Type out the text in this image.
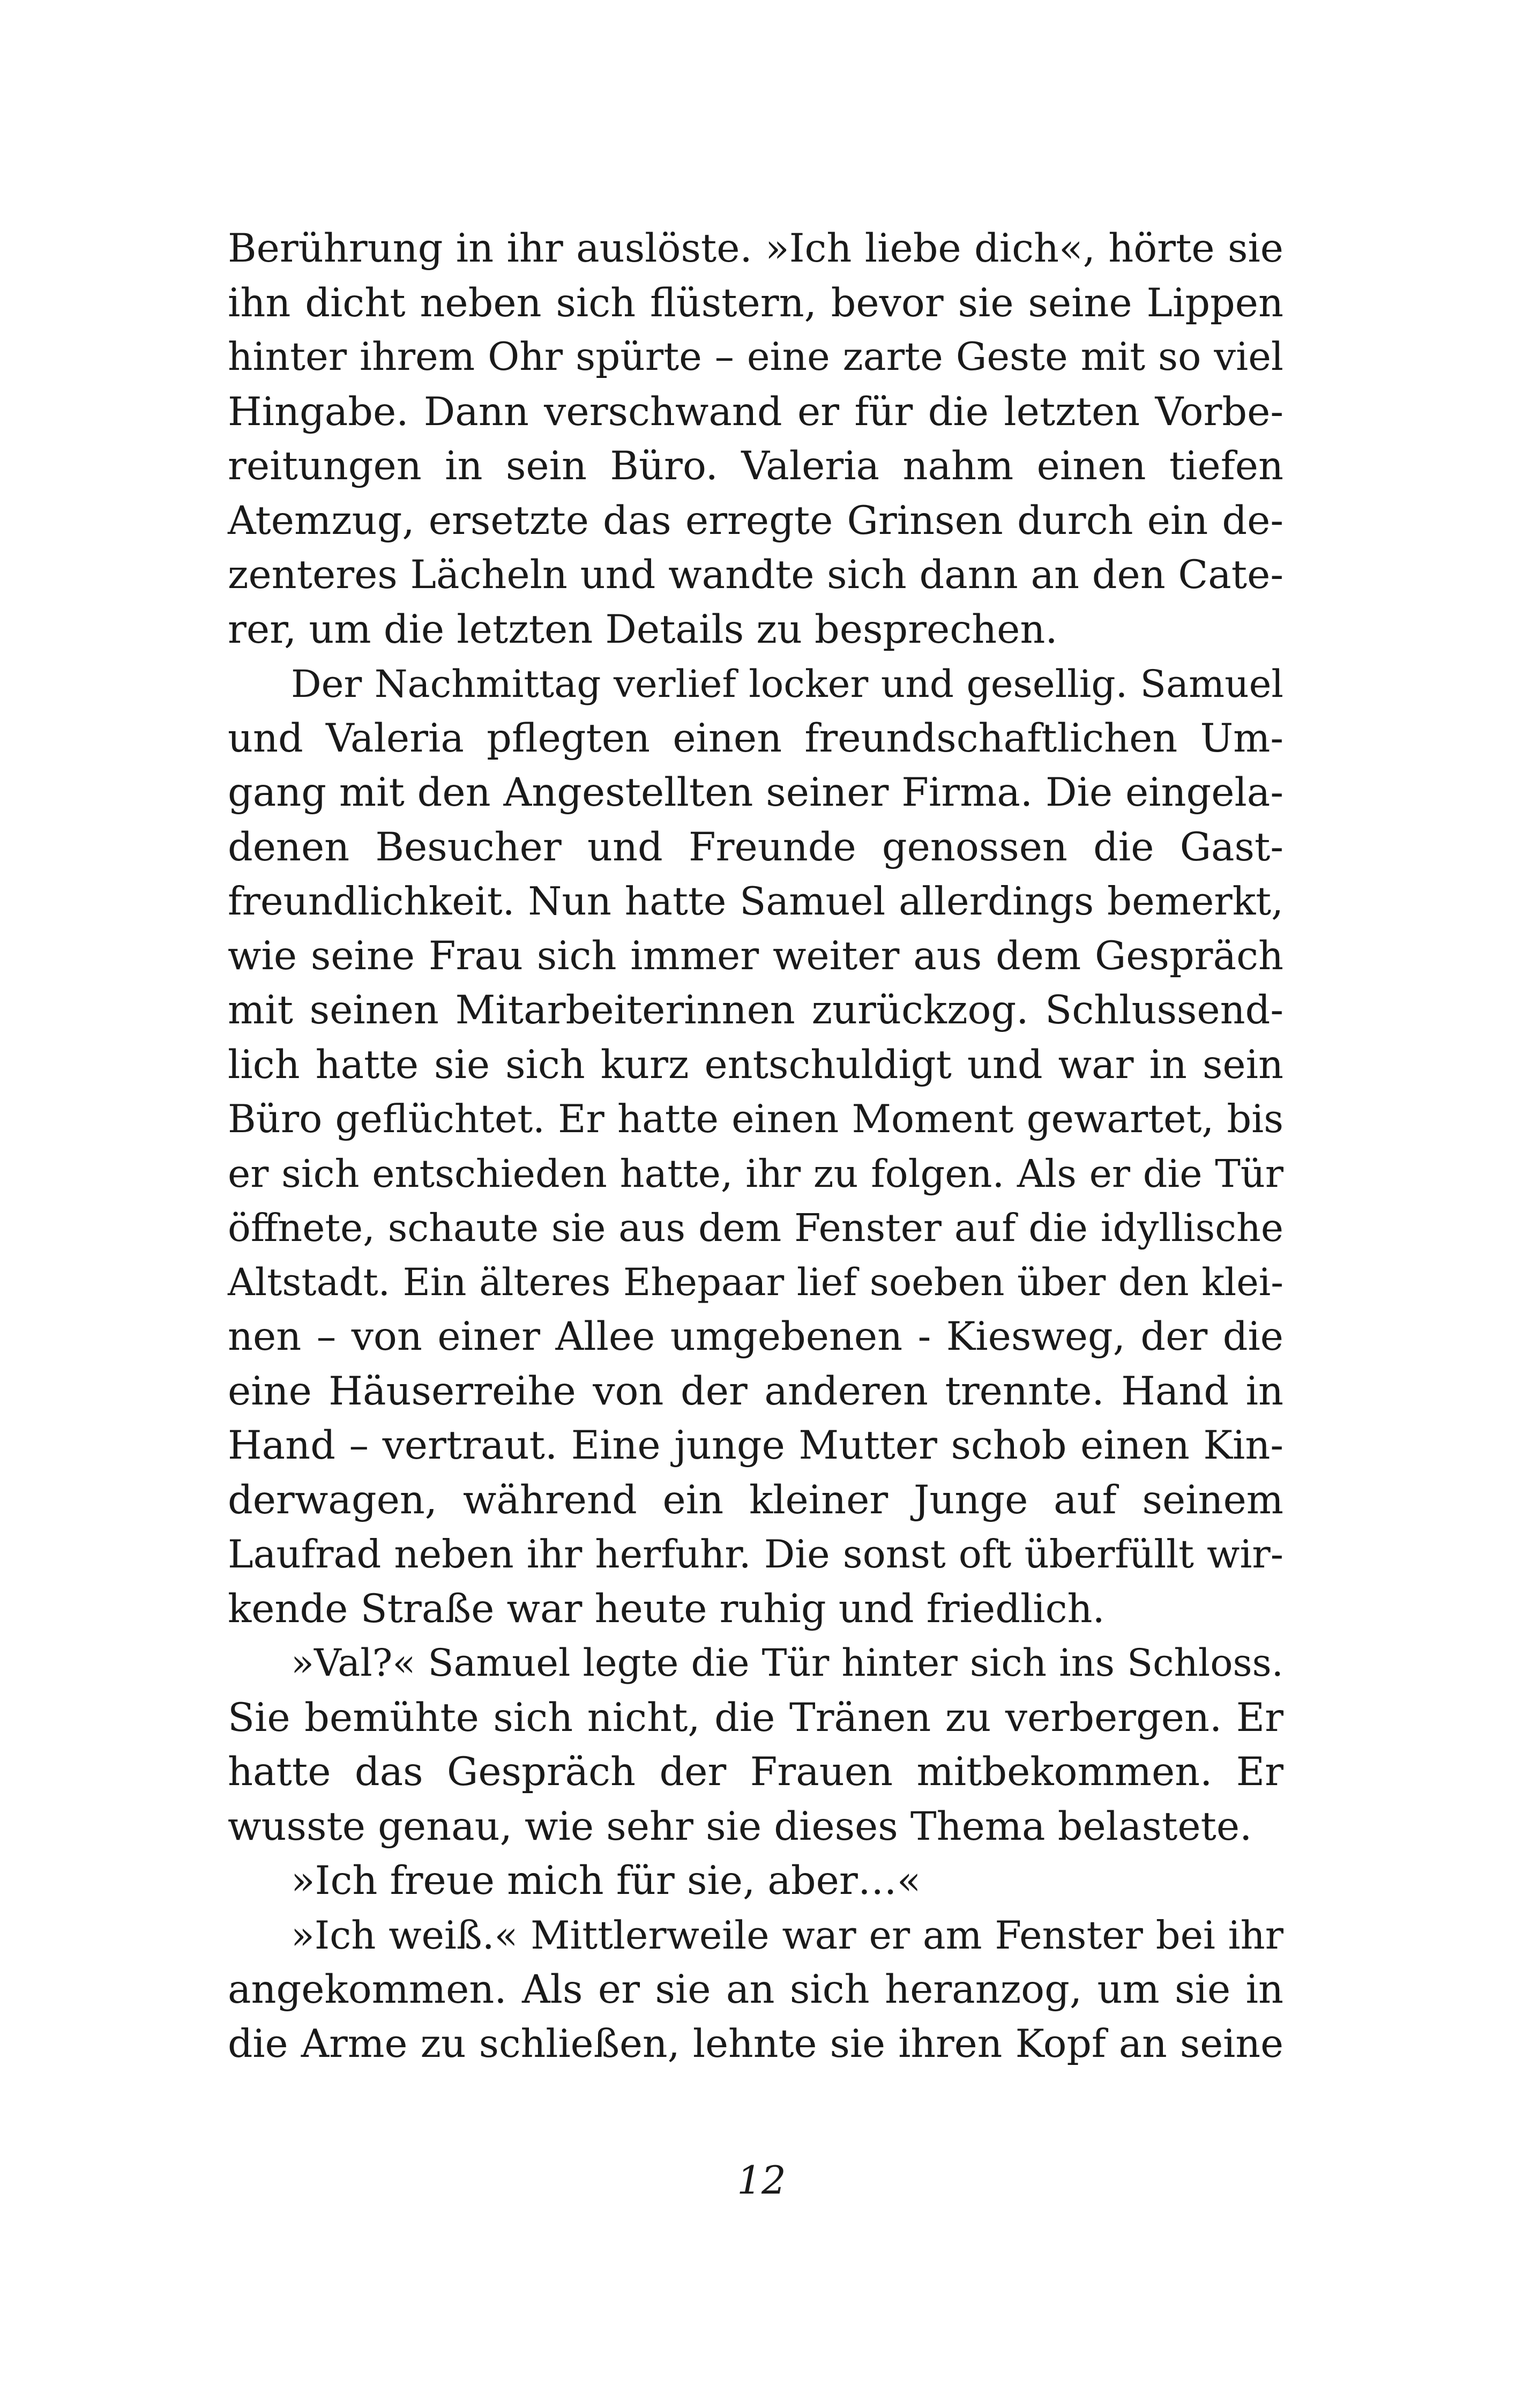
Berührung in ihr auslöste. »Ich liebe dich«, hörte sie
ihn dicht neben sich flüstern, bevor sie seine Lippen
hinter ihrem Ohr spürte – eine zarte Geste mit so viel
Hingabe. Dann verschwand er für die letzten Vorbe-
reitungen in sein Büro. Valeria nahm einen tiefen
Atemzug, ersetzte das erregte Grinsen durch ein de-
zenteres Lächeln und wandte sich dann an den Cate-
rer, um die letzten Details zu besprechen.
Der Nachmittag verlief locker und gesellig. Samuel
und Valeria pflegten einen freundschaftlichen Um-
gang mit den Angestellten seiner Firma. Die eingela-
denen Besucher und Freunde genossen die Gast-
freundlichkeit. Nun hatte Samuel allerdings bemerkt,
wie seine Frau sich immer weiter aus dem Gespräch
mit seinen Mitarbeiterinnen zurückzog. Schlussend-
lich hatte sie sich kurz entschuldigt und war in sein
Büro geflüchtet. Er hatte einen Moment gewartet, bis
er sich entschieden hatte, ihr zu folgen. Als er die Tür
öffnete, schaute sie aus dem Fenster auf die idyllische
Altstadt. Ein älteres Ehepaar lief soeben über den klei-
nen – von einer Allee umgebenen - Kiesweg, der die
eine Häuserreihe von der anderen trennte. Hand in
Hand – vertraut. Eine junge Mutter schob einen Kin-
derwagen, während ein kleiner Junge auf seinem
Laufrad neben ihr herfuhr. Die sonst oft überfüllt wir-
kende Straße war heute ruhig und friedlich.
»Val?« Samuel legte die Tür hinter sich ins Schloss.
Sie bemühte sich nicht, die Tränen zu verbergen. Er
hatte das Gespräch der Frauen mitbekommen. Er
wusste genau, wie sehr sie dieses Thema belastete.
»Ich freue mich für sie, aber…«
»Ich weiß.« Mittlerweile war er am Fenster bei ihr
angekommen. Als er sie an sich heranzog, um sie in
die Arme zu schließen, lehnte sie ihren Kopf an seine
12
